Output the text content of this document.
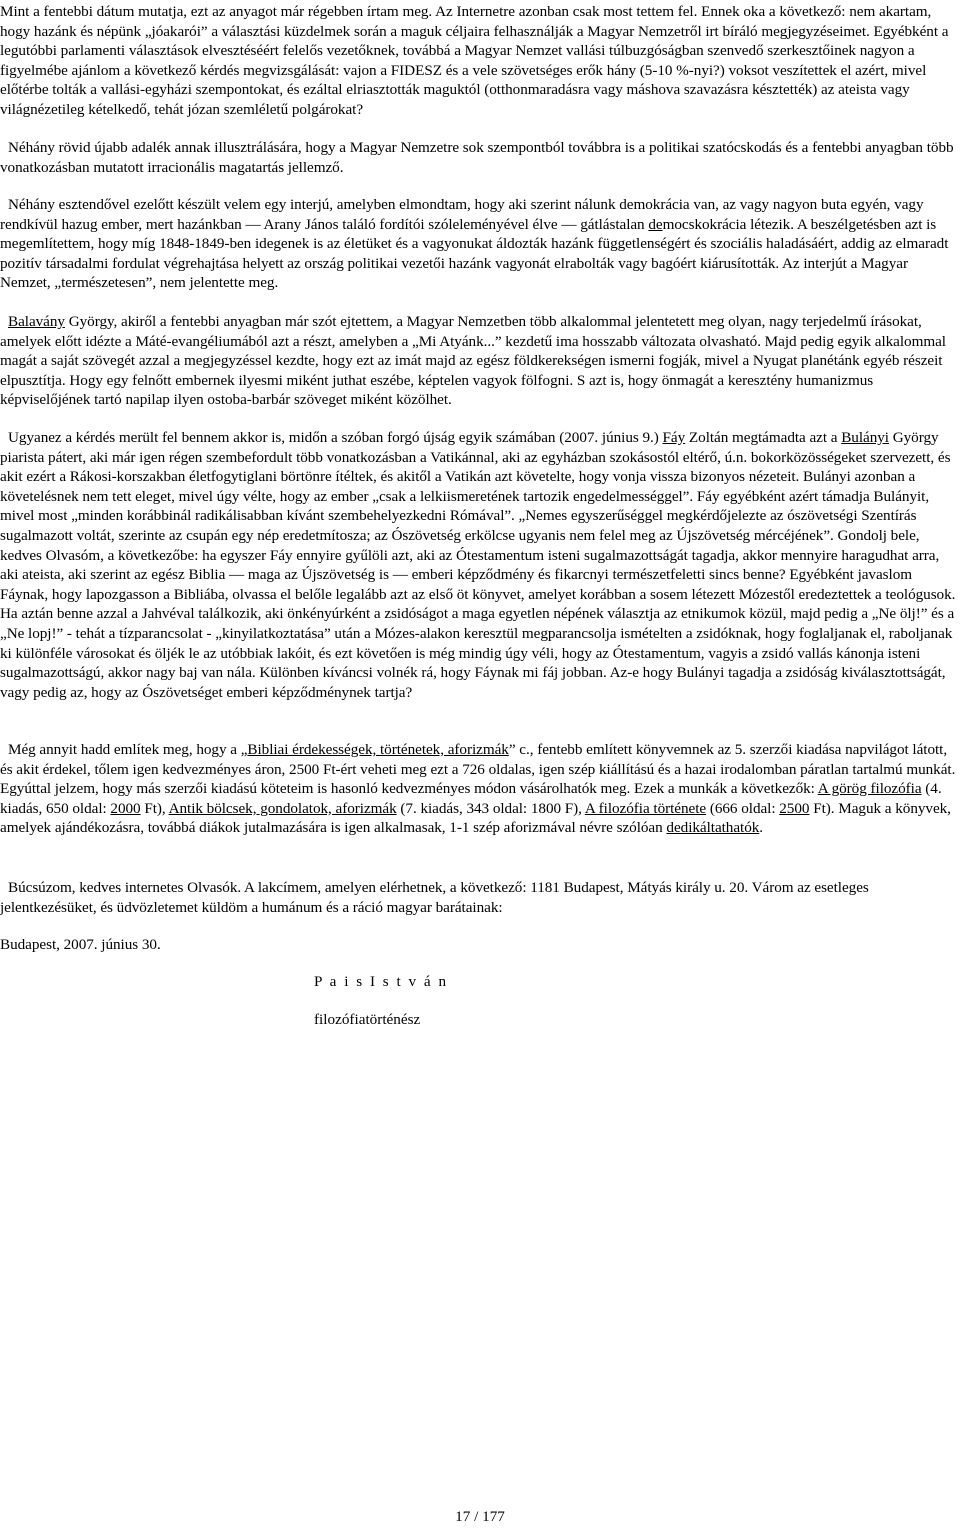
Mint a fentebbi dátum mutatja, ezt az anyagot már régebben írtam meg. Az Internetre azonban csak most tettem fel. Ennek oka a következő: nem akartam, hogy hazánk és népünk „jóakarói” a választási küzdelmek során a maguk céljaira felhasználják a Magyar Nemzetről irt bíráló megjegyzéseimet. Egyébként a legutóbbi parlamenti választások elvesztéséért felelős vezetőknek, továbbá a Magyar Nemzet vallási túlbuzgóságban szenvedő szerkesztőinek nagyon a figyelmébe ajánlom a következő kérdés megvizsgálását: vajon a FIDESZ és a vele szövetséges erők hány (5-10 %-nyi?) voksot veszítettek el azért, mivel előtérbe tolták a vallási-egyházi szempontokat, és ezáltal elriasztották maguktól (otthonmaradásra vagy máshova szavazásra késztették) az ateista vagy világnézetileg kételkedő, tehát józan szemléletű polgárokat?

Néhány rövid újabb adalék annak illusztrálására, hogy a Magyar Nemzetre sok szempontból továbbra is a politikai szatócskodás és a fentebbi anyagban több vonatkozásban mutatott irracionális magatartás jellemző.

Néhány esztendővel ezelőtt készült velem egy interjú, amelyben elmondtam, hogy aki szerint nálunk demokrácia van, az vagy nagyon buta egyén, vagy rendkívül hazug ember, mert hazánkban — Arany János találó fordítói szóleleményével élve — gátlástalan democskokrácia létezik. A beszélgetésben azt is megemlítettem, hogy míg 1848-1849-ben idegenek is az életüket és a vagyonukat áldozták hazánk függetlenségért és szociális haladásáért, addig az elmaradt pozitív társadalmi fordulat végrehajtása helyett az ország politikai vezetői hazánk vagyonát elrabolták vagy bagóért kiárusították. Az interjút a Magyar Nemzet, „természetesen”, nem jelentette meg.

Balavány György, akiről a fentebbi anyagban már szót ejtettem, a Magyar Nemzetben több alkalommal jelentetett meg olyan, nagy terjedelmű írásokat, amelyek előtt idézte a Máté-evangéliumából azt a részt, amelyben a „Mi Atyánk...” kezdetű ima hosszabb változata olvasható. Majd pedig egyik alkalommal magát a saját szövegét azzal a megjegyzéssel kezdte, hogy ezt az imát majd az egész földkerekségen ismerni fogják, mivel a Nyugat planétánk egyéb részeit elpusztítja. Hogy egy felnőtt embernek ilyesmi miként juthat eszébe, képtelen vagyok fölfogni. S azt is, hogy önmagát a keresztény humanizmus képviselőjének tartó napilap ilyen ostoba-barbár szöveget miként közölhet.

Ugyanez a kérdés merült fel bennem akkor is, midőn a szóban forgó újság egyik számában (2007. június 9.) Fáy Zoltán megtámadta azt a Bulányi György piarista pátert, aki már igen régen szembefordult több vonatkozásban a Vatikánnal, aki az egyházban szokásostól eltérő, ú.n. bokorközösségeket szervezett, és akit ezért a Rákosi-korszakban életfogytiglani börtönre ítéltek, és akitől a Vatikán azt követelte, hogy vonja vissza bizonyos nézeteit. Bulányi azonban a követelésnek nem tett eleget, mivel úgy vélte, hogy az ember „csak a lelkiismeretének tartozik engedelmességgel”. Fáy egyébként azért támadja Bulányit, mivel most „minden korábbinál radikálisabban kívánt szembehelyezkedni Rómával”. „Nemes egyszerűséggel megkérdőjelezte az ószövetségi Szentírás sugalmazott voltát, szerinte az csupán egy nép eredetmítosza; az Ószövetség erkölcse ugyanis nem felel meg az Újszövetség mércéjének”. Gondolj bele, kedves Olvasóm, a következőbe: ha egyszer Fáy ennyire gyűlöli azt, aki az Ótestamentum isteni sugalmazottságát tagadja, akkor mennyire haragudhat arra, aki ateista, aki szerint az egész Biblia — maga az Újszövetség is — emberi képződmény és fikarcnyi természetfeletti sincs benne? Egyébként javaslom Fáynak, hogy lapozgasson a Bibliába, olvassa el belőle legalább azt az első öt könyvet, amelyet korábban a sosem létezett Mózestől eredeztettek a teológusok. Ha aztán benne azzal a Jahvéval találkozik, aki önkényúrként a zsidóságot a maga egyetlen népének választja az etnikumok közül, majd pedig a „Ne ölj!” és a „Ne lopj!” - tehát a tízparancsolat - „kinyilatkoztatása” után a Mózes-alakon keresztül megparancsolja ismételten a zsidóknak, hogy foglaljanak el, raboljanak ki különféle városokat és öljék le az utóbbiak lakóit, és ezt követően is még mindig úgy véli, hogy az Ótestamentum, vagyis a zsidó vallás kánonja isteni sugalmazottságú, akkor nagy baj van nála. Különben kíváncsi volnék rá, hogy Fáynak mi fáj jobban. Az-e hogy Bulányi tagadja a zsidóság kiválasztottságát, vagy pedig az, hogy az Ószövetséget emberi képződménynek tartja?

Még annyit hadd említek meg, hogy a „Bibliai érdekességek, történetek, aforizmák” c., fentebb említett könyvemnek az 5. szerzői kiadása napvilágot látott, és akit érdekel, tőlem igen kedvezményes áron, 2500 Ft-ért veheti meg ezt a 726 oldalas, igen szép kiállítású és a hazai irodalomban páratlan tartalmú munkát. Egyúttal jelzem, hogy más szerzői kiadású köteteim is hasonló kedvezményes módon vásárolhatók meg. Ezek a munkák a következők: A görög filozófia (4. kiadás, 650 oldal: 2000 Ft), Antik bölcsek, gondolatok, aforizmák (7. kiadás, 343 oldal: 1800 F), A filozófia története (666 oldal: 2500 Ft). Maguk a könyvek, amelyek ajándékozásra, továbbá diákok jutalmazására is igen alkalmasak, 1-1 szép aforizmával névre szólóan dedikáltathatók.

Búcsúzom, kedves internetes Olvasók. A lakcímem, amelyen elérhetnek, a következő: 1181 Budapest, Mátyás király u. 20. Várom az esetleges jelentkezésüket, és üdvözletemet küldöm a humánum és a ráció magyar barátainak:

Budapest, 2007. június 30.

P a i s I s t v á n

filozófiatörténész

17 / 177
